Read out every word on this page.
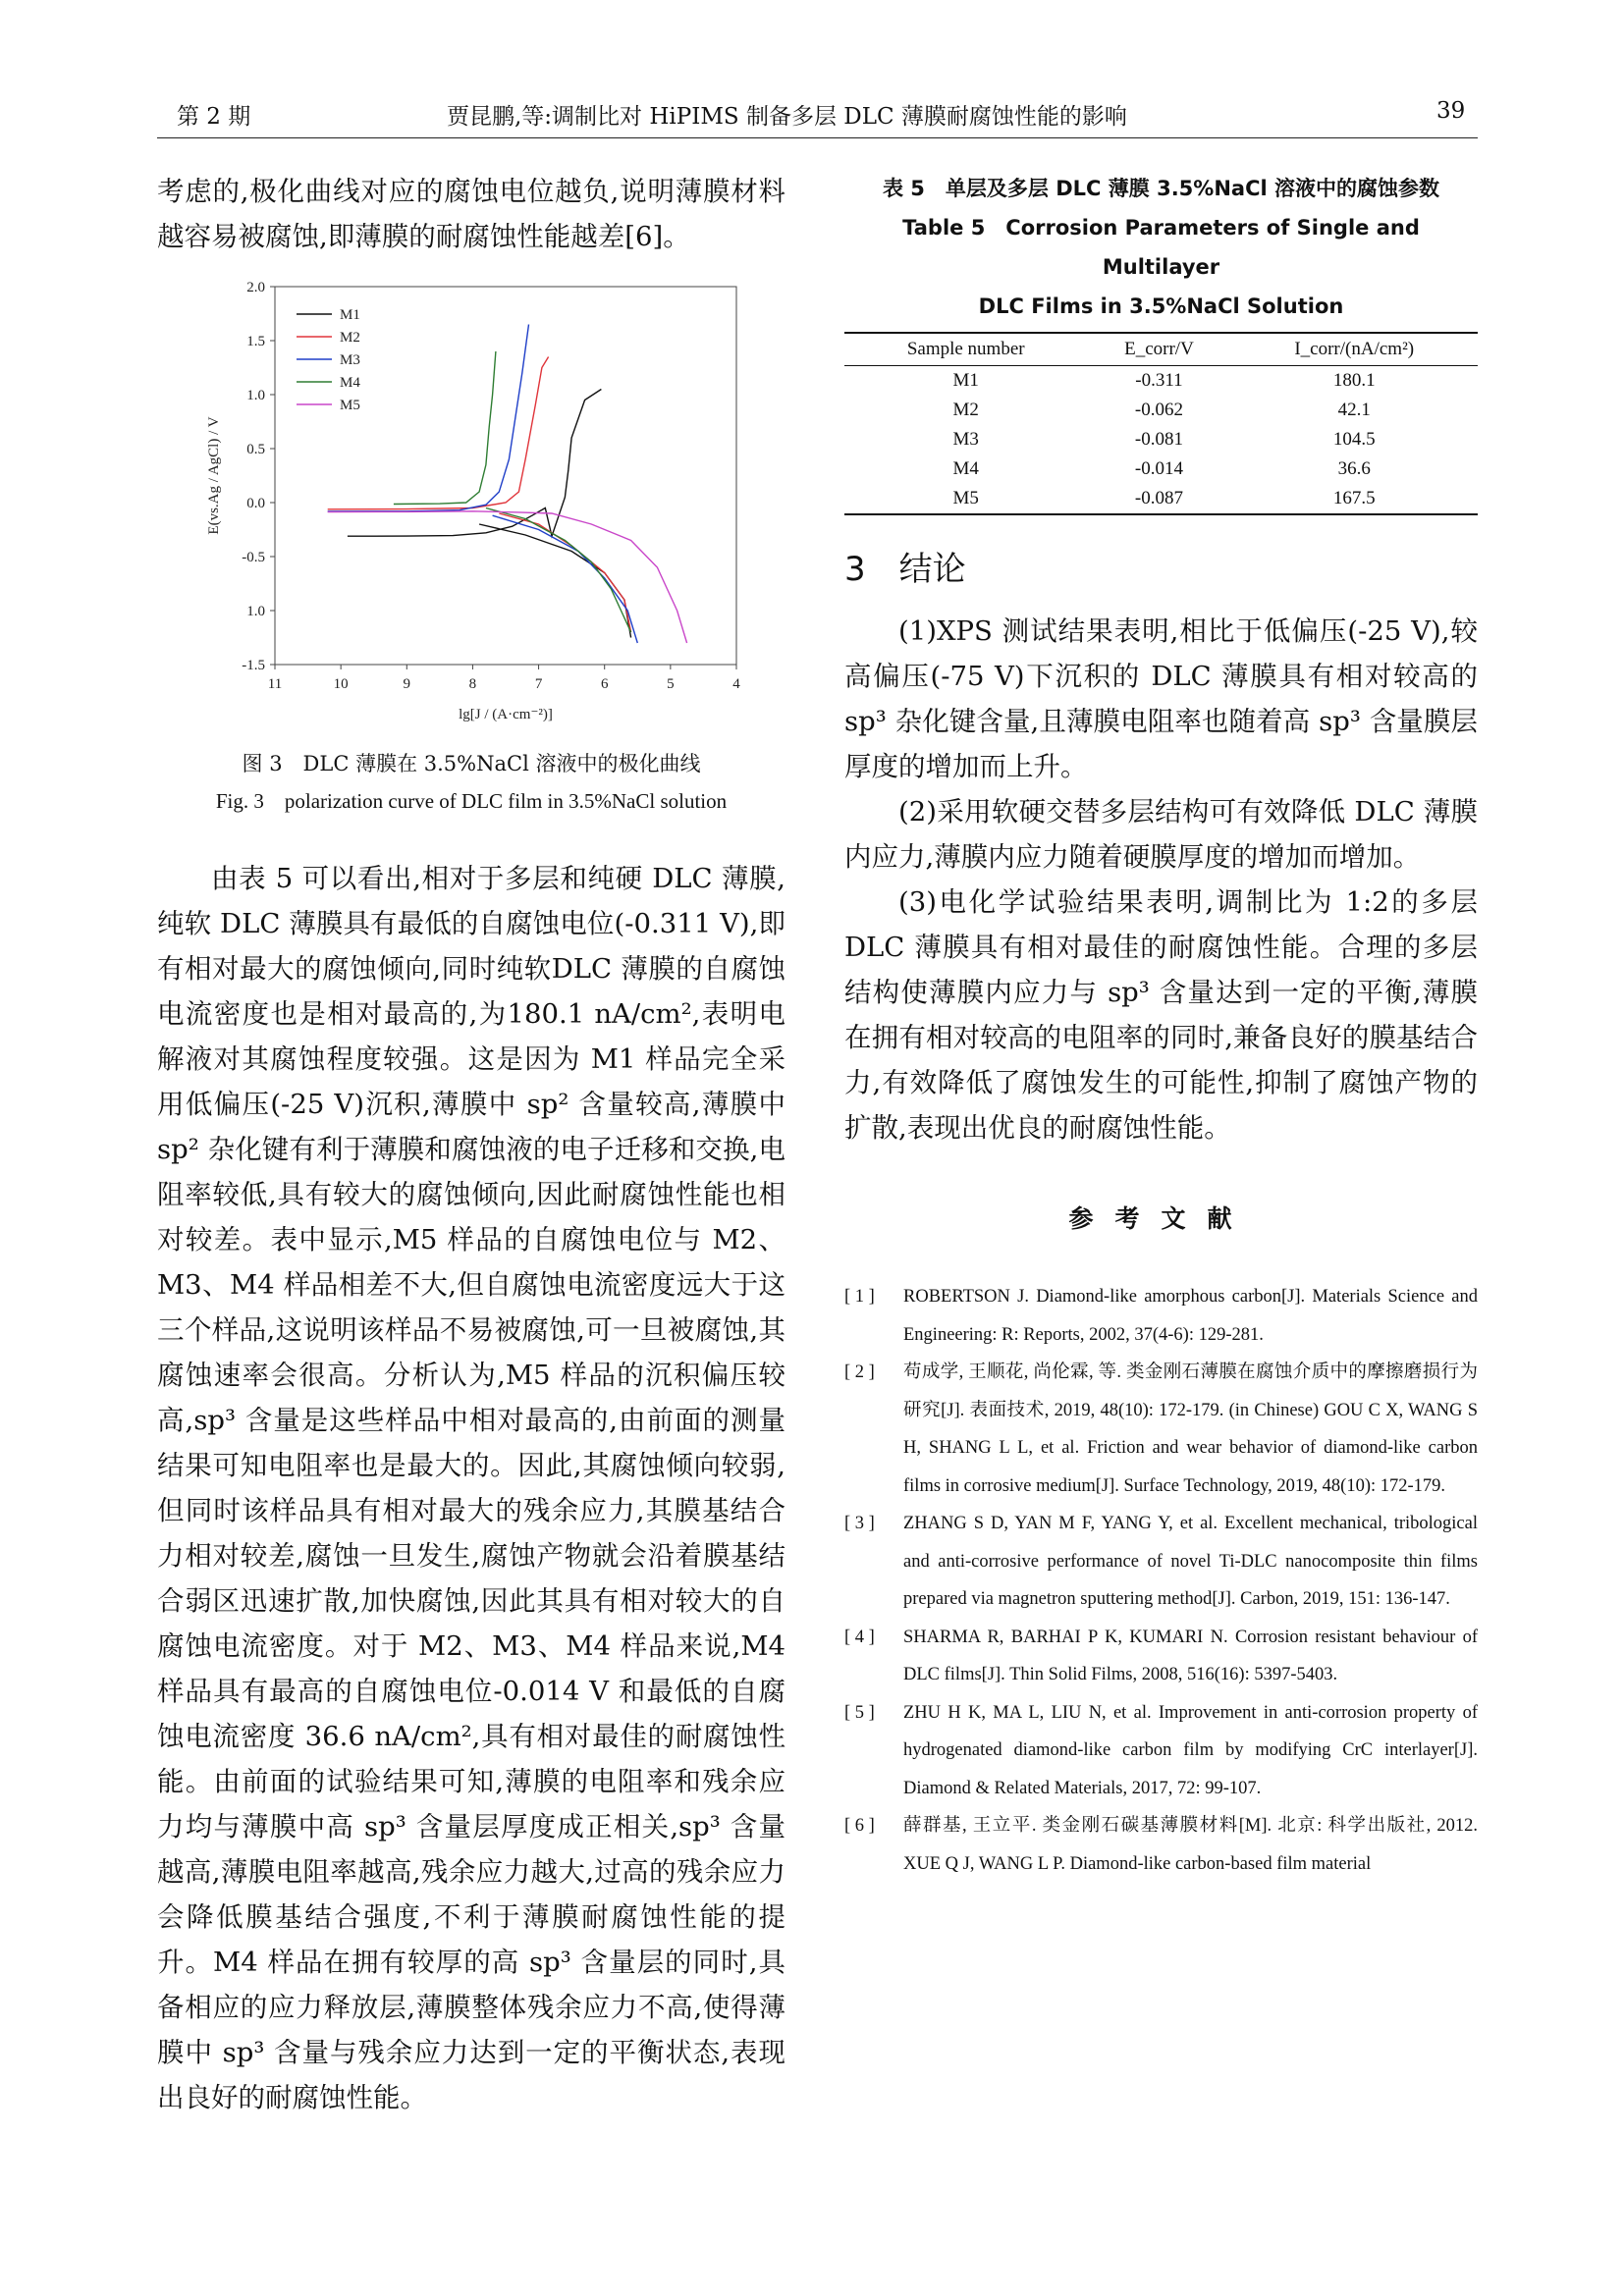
第 2 期	贾昆鹏,等:调制比对 HiPIMS 制备多层 DLC 薄膜耐腐蚀性能的影响	39

考虑的,极化曲线对应的腐蚀电位越负,说明薄膜材料越容易被腐蚀,即薄膜的耐腐蚀性能越差[6]。

11	10	9	8	7	6	5	4
2.0
1.5
1.0
0.5
0.0
-0.5
1.0
-1.5
lg[J / (A·cm⁻²)]
E(vs.Ag / AgCl) / V
M1
M2
M3
M4
M5
图 3　DLC 薄膜在 3.5%NaCl 溶液中的极化曲线
Fig. 3　polarization curve of DLC film in 3.5%NaCl solution

由表 5 可以看出,相对于多层和纯硬 DLC 薄膜,纯软 DLC 薄膜具有最低的自腐蚀电位(-0.311 V),即有相对最大的腐蚀倾向,同时纯软DLC 薄膜的自腐蚀电流密度也是相对最高的,为180.1 nA/cm²,表明电解液对其腐蚀程度较强。这是因为 M1 样品完全采用低偏压(-25 V)沉积,薄膜中 sp² 含量较高,薄膜中 sp² 杂化键有利于薄膜和腐蚀液的电子迁移和交换,电阻率较低,具有较大的腐蚀倾向,因此耐腐蚀性能也相对较差。表中显示,M5 样品的自腐蚀电位与 M2、M3、M4 样品相差不大,但自腐蚀电流密度远大于这三个样品,这说明该样品不易被腐蚀,可一旦被腐蚀,其腐蚀速率会很高。分析认为,M5 样品的沉积偏压较高,sp³ 含量是这些样品中相对最高的,由前面的测量结果可知电阻率也是最大的。因此,其腐蚀倾向较弱,但同时该样品具有相对最大的残余应力,其膜基结合力相对较差,腐蚀一旦发生,腐蚀产物就会沿着膜基结合弱区迅速扩散,加快腐蚀,因此其具有相对较大的自腐蚀电流密度。对于 M2、M3、M4 样品来说,M4 样品具有最高的自腐蚀电位-0.014 V 和最低的自腐蚀电流密度 36.6 nA/cm²,具有相对最佳的耐腐蚀性能。由前面的试验结果可知,薄膜的电阻率和残余应力均与薄膜中高 sp³ 含量层厚度成正相关,sp³ 含量越高,薄膜电阻率越高,残余应力越大,过高的残余应力会降低膜基结合强度,不利于薄膜耐腐蚀性能的提升。M4 样品在拥有较厚的高 sp³ 含量层的同时,具备相应的应力释放层,薄膜整体残余应力不高,使得薄膜中 sp³ 含量与残余应力达到一定的平衡状态,表现出良好的耐腐蚀性能。

表 5　单层及多层 DLC 薄膜 3.5%NaCl 溶液中的腐蚀参数
Table 5　Corrosion Parameters of Single and Multilayer
DLC Films in 3.5%NaCl Solution
Sample number	E_corr/V	I_corr/(nA/cm²)
M1	-0.311	180.1
M2	-0.062	42.1
M3	-0.081	104.5
M4	-0.014	36.6
M5	-0.087	167.5
3　结论

(1)XPS 测试结果表明,相比于低偏压(-25 V),较高偏压(-75 V)下沉积的 DLC 薄膜具有相对较高的 sp³ 杂化键含量,且薄膜电阻率也随着高 sp³ 含量膜层厚度的增加而上升。

(2)采用软硬交替多层结构可有效降低 DLC 薄膜内应力,薄膜内应力随着硬膜厚度的增加而增加。

(3)电化学试验结果表明,调制比为 1:2的多层DLC 薄膜具有相对最佳的耐腐蚀性能。合理的多层结构使薄膜内应力与 sp³ 含量达到一定的平衡,薄膜在拥有相对较高的电阻率的同时,兼备良好的膜基结合力,有效降低了腐蚀发生的可能性,抑制了腐蚀产物的扩散,表现出优良的耐腐蚀性能。

参考文献
[ 1 ]	ROBERTSON J. Diamond-like amorphous carbon[J]. Materials Science and Engineering: R: Reports, 2002, 37(4-6): 129-281.
[ 2 ]	苟成学, 王顺花, 尚伦霖, 等. 类金刚石薄膜在腐蚀介质中的摩擦磨损行为研究[J]. 表面技术, 2019, 48(10): 172-179. (in Chinese) GOU C X, WANG S H, SHANG L L, et al. Friction and wear behavior of diamond-like carbon films in corrosive medium[J]. Surface Technology, 2019, 48(10): 172-179.
[ 3 ]	ZHANG S D, YAN M F, YANG Y, et al. Excellent mechanical, tribological and anti-corrosive performance of novel Ti-DLC nanocomposite thin films prepared via magnetron sputtering method[J]. Carbon, 2019, 151: 136-147.
[ 4 ]	SHARMA R, BARHAI P K, KUMARI N. Corrosion resistant behaviour of DLC films[J]. Thin Solid Films, 2008, 516(16): 5397-5403.
[ 5 ]	ZHU H K, MA L, LIU N, et al. Improvement in anti-corrosion property of hydrogenated diamond-like carbon film by modifying CrC interlayer[J]. Diamond & Related Materials, 2017, 72: 99-107.
[ 6 ]	薛群基, 王立平. 类金刚石碳基薄膜材料[M]. 北京: 科学出版社, 2012. XUE Q J, WANG L P. Diamond-like carbon-based film material
